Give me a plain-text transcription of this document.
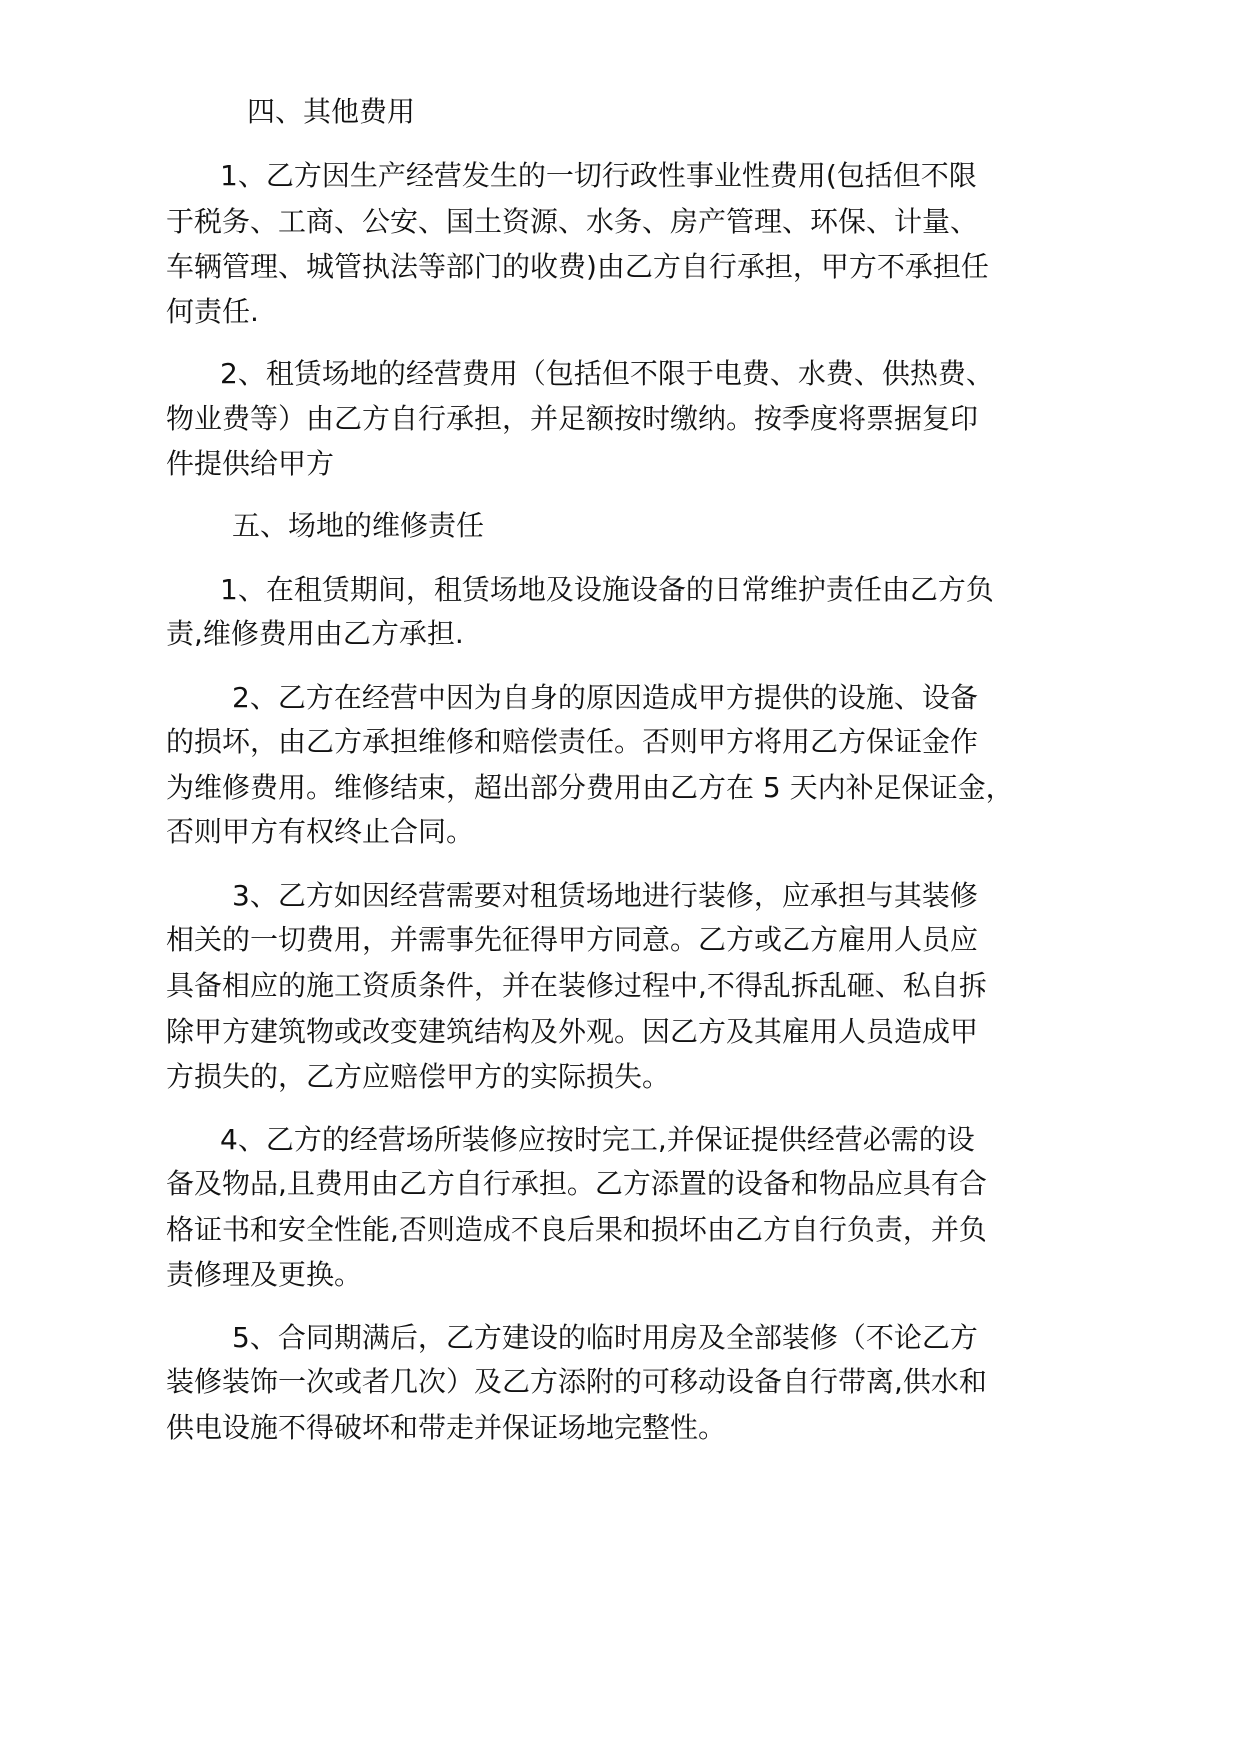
四、其他费用
1、乙方因生产经营发生的一切行政性事业性费用(包括但不限
于税务、工商、公安、国土资源、水务、房产管理、环保、计量、
车辆管理、城管执法等部门的收费)由乙方自行承担，甲方不承担任
何责任.
2、租赁场地的经营费用（包括但不限于电费、水费、供热费、
物业费等）由乙方自行承担，并足额按时缴纳。按季度将票据复印
件提供给甲方
五、场地的维修责任
1、在租赁期间，租赁场地及设施设备的日常维护责任由乙方负
责,维修费用由乙方承担.
2、乙方在经营中因为自身的原因造成甲方提供的设施、设备
的损坏，由乙方承担维修和赔偿责任。否则甲方将用乙方保证金作
为维修费用。维修结束，超出部分费用由乙方在 5 天内补足保证金，
否则甲方有权终止合同。
3、乙方如因经营需要对租赁场地进行装修，应承担与其装修
相关的一切费用，并需事先征得甲方同意。乙方或乙方雇用人员应
具备相应的施工资质条件，并在装修过程中,不得乱拆乱砸、私自拆
除甲方建筑物或改变建筑结构及外观。因乙方及其雇用人员造成甲
方损失的，乙方应赔偿甲方的实际损失。
4、乙方的经营场所装修应按时完工,并保证提供经营必需的设
备及物品,且费用由乙方自行承担。乙方添置的设备和物品应具有合
格证书和安全性能,否则造成不良后果和损坏由乙方自行负责，并负
责修理及更换。
5、合同期满后，乙方建设的临时用房及全部装修（不论乙方
装修装饰一次或者几次）及乙方添附的可移动设备自行带离,供水和
供电设施不得破坏和带走并保证场地完整性。
